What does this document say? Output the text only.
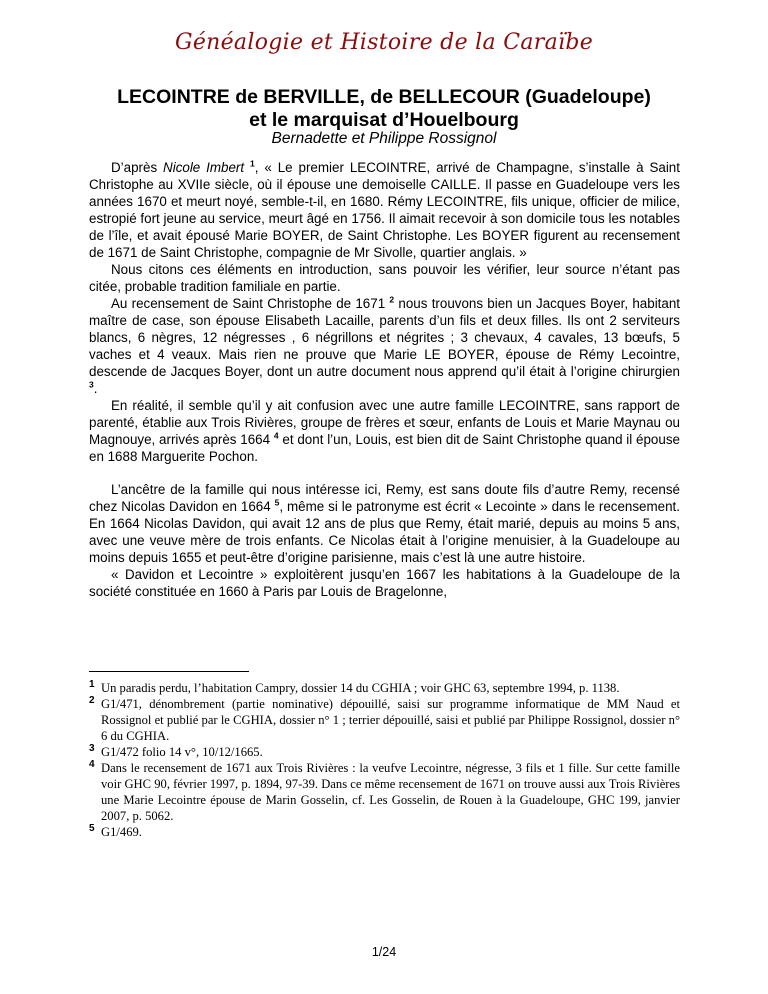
Généalogie et Histoire de la Caraïbe
LECOINTRE de BERVILLE, de BELLECOUR (Guadeloupe)
et le marquisat d’Houelbourg
Bernadette et Philippe Rossignol

D’après Nicole Imbert $^1$, « Le premier LECOINTRE, arrivé de Champagne, s’installe à Saint Christophe au XVIIe siècle, où il épouse une demoiselle CAILLE. Il passe en Guadeloupe vers les années 1670 et meurt noyé, semble-t-il, en 1680. Rémy LECOINTRE, fils unique, officier de milice, estropié fort jeune au service, meurt âgé en 1756. Il aimait recevoir à son domicile tous les notables de l’île, et avait épousé Marie BOYER, de Saint Christophe. Les BOYER figurent au recensement de 1671 de Saint Christophe, compagnie de Mr Sivolle, quartier anglais. »

Nous citons ces éléments en introduction, sans pouvoir les vérifier, leur source n’étant pas citée, probable tradition familiale en partie.

Au recensement de Saint Christophe de 1671 $^2$ nous trouvons bien un Jacques Boyer, habitant maître de case, son épouse Elisabeth Lacaille, parents d’un fils et deux filles. Ils ont 2 serviteurs blancs, 6 nègres, 12 négresses , 6 négrillons et négrites ; 3 chevaux, 4 cavales, 13 bœufs, 5 vaches et 4 veaux. Mais rien ne prouve que Marie LE BOYER, épouse de Rémy Lecointre, descende de Jacques Boyer, dont un autre document nous apprend qu’il était à l’origine chirurgien $^3$.

En réalité, il semble qu’il y ait confusion avec une autre famille LECOINTRE, sans rapport de parenté, établie aux Trois Rivières, groupe de frères et sœur, enfants de Louis et Marie Maynau ou Magnouye, arrivés après 1664 $^4$ et dont l’un, Louis, est bien dit de Saint Christophe quand il épouse en 1688 Marguerite Pochon.

L’ancêtre de la famille qui nous intéresse ici, Remy, est sans doute fils d’autre Remy, recensé chez Nicolas Davidon en 1664 $^5$, même si le patronyme est écrit « Lecointe » dans le recensement. En 1664 Nicolas Davidon, qui avait 12 ans de plus que Remy, était marié, depuis au moins 5 ans, avec une veuve mère de trois enfants. Ce Nicolas était à l’origine menuisier, à la Guadeloupe au moins depuis 1655 et peut-être d’origine parisienne, mais c’est là une autre histoire.

« Davidon et Lecointre » exploitèrent jusqu’en 1667 les habitations à la Guadeloupe de la société constituée en 1660 à Paris par Louis de Bragelonne,

1 Un paradis perdu, l’habitation Campry, dossier 14 du CGHIA ; voir GHC 63, septembre 1994, p. 1138.
2 G1/471, dénombrement (partie nominative) dépouillé, saisi sur programme informatique de MM Naud et Rossignol et publié par le CGHIA, dossier n° 1 ; terrier dépouillé, saisi et publié par Philippe Rossignol, dossier n° 6 du CGHIA.
3 G1/472 folio 14 v°, 10/12/1665.
4 Dans le recensement de 1671 aux Trois Rivières : la veufve Lecointre, négresse, 3 fils et 1 fille. Sur cette famille voir GHC 90, février 1997, p. 1894, 97-39. Dans ce même recensement de 1671 on trouve aussi aux Trois Rivières une Marie Lecointre épouse de Marin Gosselin, cf. Les Gosselin, de Rouen à la Guadeloupe, GHC 199, janvier 2007, p. 5062.
5 G1/469.
1/24
